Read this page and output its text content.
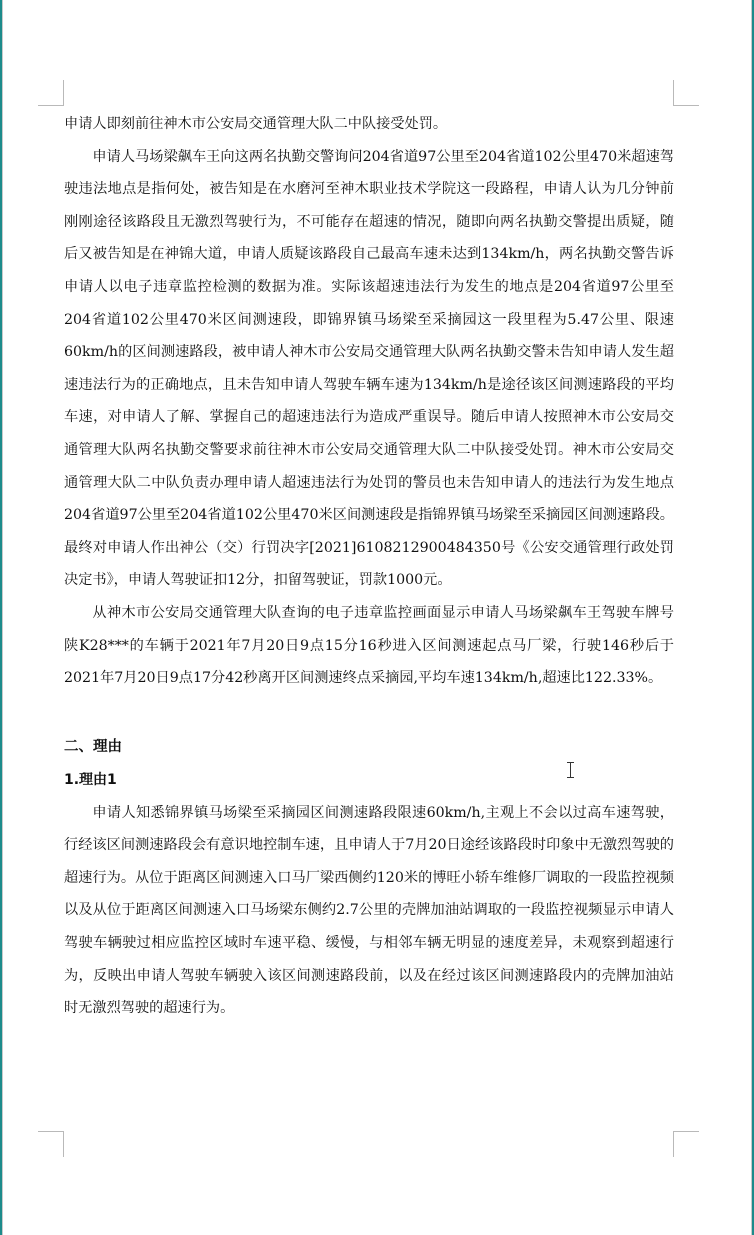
申请人即刻前往神木市公安局交通管理大队二中队接受处罚。

申请人马场梁飙车王向这两名执勤交警询问204省道97公里至204省道102公里470米超速驾驶违法地点是指何处，被告知是在水磨河至神木职业技术学院这一段路程，申请人认为几分钟前刚刚途径该路段且无激烈驾驶行为，不可能存在超速的情况，随即向两名执勤交警提出质疑，随后又被告知是在神锦大道，申请人质疑该路段自己最高车速未达到134km/h，两名执勤交警告诉申请人以电子违章监控检测的数据为准。实际该超速违法行为发生的地点是204省道97公里至204省道102公里470米区间测速段，即锦界镇马场梁至采摘园这一段里程为5.47公里、限速60km/h的区间测速路段，被申请人神木市公安局交通管理大队两名执勤交警未告知申请人发生超速违法行为的正确地点，且未告知申请人驾驶车辆车速为134km/h是途径该区间测速路段的平均车速，对申请人了解、掌握自己的超速违法行为造成严重误导。随后申请人按照神木市公安局交通管理大队两名执勤交警要求前往神木市公安局交通管理大队二中队接受处罚。神木市公安局交通管理大队二中队负责办理申请人超速违法行为处罚的警员也未告知申请人的违法行为发生地点204省道97公里至204省道102公里470米区间测速段是指锦界镇马场梁至采摘园区间测速路段。最终对申请人作出神公（交）行罚决字[2021]6108212900484350号《公安交通管理行政处罚决定书》，申请人驾驶证扣12分，扣留驾驶证，罚款1000元。

从神木市公安局交通管理大队查询的电子违章监控画面显示申请人马场梁飙车王驾驶车牌号陕K28***的车辆于2021年7月20日9点15分16秒进入区间测速起点马厂梁，行驶146秒后于2021年7月20日9点17分42秒离开区间测速终点采摘园,平均车速134km/h,超速比122.33%。

二、理由

1.理由1

申请人知悉锦界镇马场梁至采摘园区间测速路段限速60km/h,主观上不会以过高车速驾驶，行经该区间测速路段会有意识地控制车速，且申请人于7月20日途经该路段时印象中无激烈驾驶的超速行为。从位于距离区间测速入口马厂梁西侧约120米的博旺小轿车维修厂调取的一段监控视频以及从位于距离区间测速入口马场梁东侧约2.7公里的壳牌加油站调取的一段监控视频显示申请人驾驶车辆驶过相应监控区域时车速平稳、缓慢，与相邻车辆无明显的速度差异，未观察到超速行为，反映出申请人驾驶车辆驶入该区间测速路段前，以及在经过该区间测速路段内的壳牌加油站时无激烈驾驶的超速行为。
